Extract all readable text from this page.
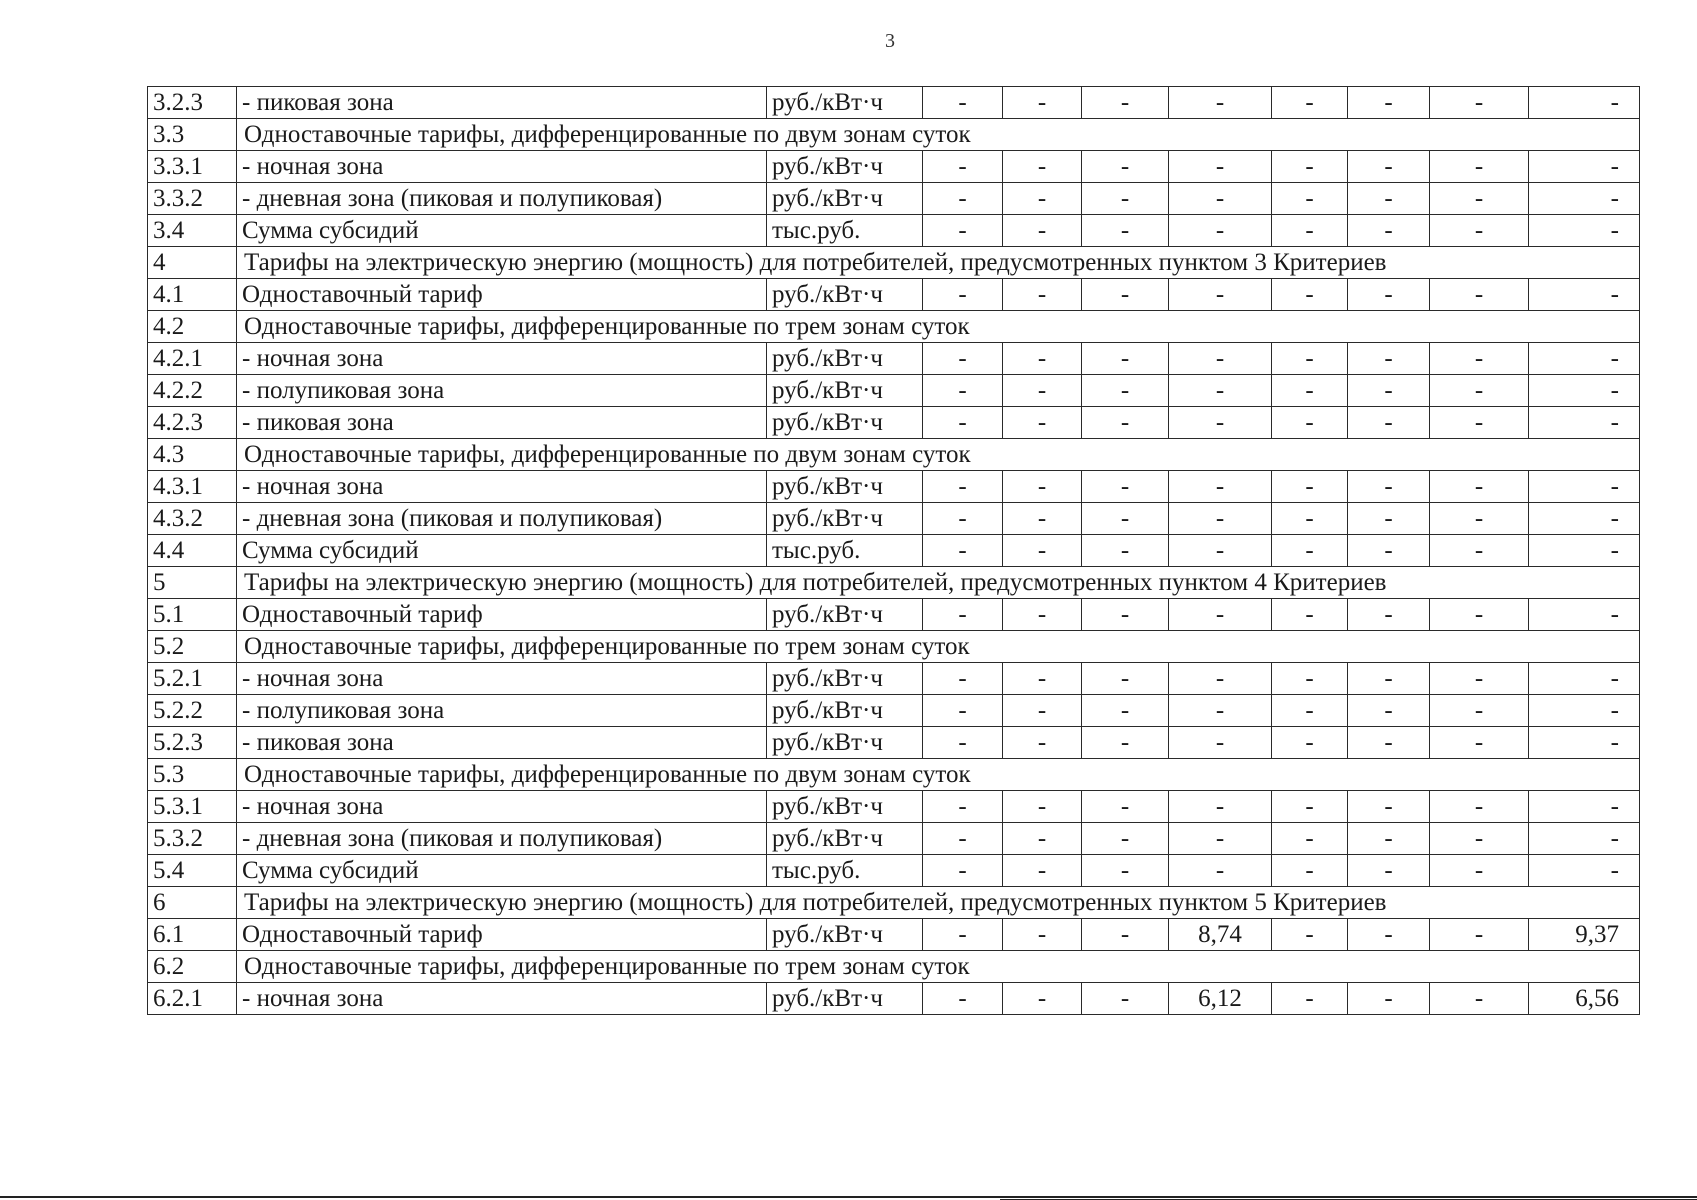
3
3.2.3	- пиковая зона	руб./кВт·ч	-	-	-	-	-	-	-	-
3.3	Одноставочные тарифы, дифференцированные по двум зонам суток									
3.3.1	- ночная зона	руб./кВт·ч	-	-	-	-	-	-	-	-
3.3.2	- дневная зона (пиковая и полупиковая)	руб./кВт·ч	-	-	-	-	-	-	-	-
3.4	Сумма субсидий	тыс.руб.	-	-	-	-	-	-	-	-
4	Тарифы на электрическую энергию (мощность) для потребителей, предусмотренных пунктом 3 Критериев									
4.1	Одноставочный тариф	руб./кВт·ч	-	-	-	-	-	-	-	-
4.2	Одноставочные тарифы, дифференцированные по трем зонам суток									
4.2.1	- ночная зона	руб./кВт·ч	-	-	-	-	-	-	-	-
4.2.2	- полупиковая зона	руб./кВт·ч	-	-	-	-	-	-	-	-
4.2.3	- пиковая зона	руб./кВт·ч	-	-	-	-	-	-	-	-
4.3	Одноставочные тарифы, дифференцированные по двум зонам суток									
4.3.1	- ночная зона	руб./кВт·ч	-	-	-	-	-	-	-	-
4.3.2	- дневная зона (пиковая и полупиковая)	руб./кВт·ч	-	-	-	-	-	-	-	-
4.4	Сумма субсидий	тыс.руб.	-	-	-	-	-	-	-	-
5	Тарифы на электрическую энергию (мощность) для потребителей, предусмотренных пунктом 4 Критериев									
5.1	Одноставочный тариф	руб./кВт·ч	-	-	-	-	-	-	-	-
5.2	Одноставочные тарифы, дифференцированные по трем зонам суток									
5.2.1	- ночная зона	руб./кВт·ч	-	-	-	-	-	-	-	-
5.2.2	- полупиковая зона	руб./кВт·ч	-	-	-	-	-	-	-	-
5.2.3	- пиковая зона	руб./кВт·ч	-	-	-	-	-	-	-	-
5.3	Одноставочные тарифы, дифференцированные по двум зонам суток									
5.3.1	- ночная зона	руб./кВт·ч	-	-	-	-	-	-	-	-
5.3.2	- дневная зона (пиковая и полупиковая)	руб./кВт·ч	-	-	-	-	-	-	-	-
5.4	Сумма субсидий	тыс.руб.	-	-	-	-	-	-	-	-
6	Тарифы на электрическую энергию (мощность) для потребителей, предусмотренных пунктом 5 Критериев									
6.1	Одноставочный тариф	руб./кВт·ч	-	-	-	8,74	-	-	-	9,37
6.2	Одноставочные тарифы, дифференцированные по трем зонам суток									
6.2.1	- ночная зона	руб./кВт·ч	-	-	-	6,12	-	-	-	6,56
